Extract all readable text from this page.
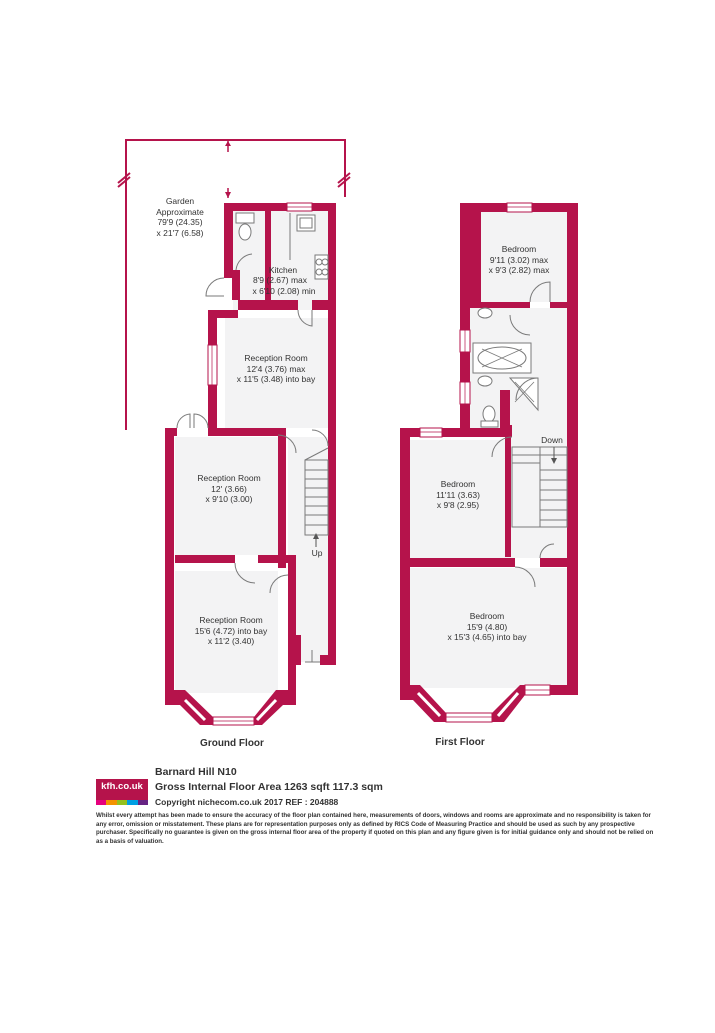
Garden
Approximate
79'9 (24.35)
x 21'7 (6.58)
Kitchen
8'9 (2.67) max
x 6'10 (2.08) min
Reception Room
12'4 (3.76) max
x 11'5 (3.48) into bay
Reception Room
12' (3.66)
x 9'10 (3.00)
Reception Room
15'6 (4.72) into bay
x 11'2 (3.40)
Up
Ground Floor
Bedroom
9'11 (3.02) max
x 9'3 (2.82) max
Bedroom
11'11 (3.63)
x 9'8 (2.95)
Bedroom
15'9 (4.80)
x 15'3 (4.65) into bay
Down
First Floor
kfh.co.uk
Barnard Hill N10
Gross Internal Floor Area 1263 sqft 117.3 sqm
Copyright nichecom.co.uk 2017 REF : 204888
Whilst every attempt has been made to ensure the accuracy of the floor plan contained here, measurements of doors, windows and rooms are approximate and no responsibility is taken for any error, omission or misstatement. These plans are for representation purposes only as defined by RICS Code of Measuring Practice and should be used as such by any prospective purchaser. Specifically no guarantee is given on the gross internal floor area of the property if quoted on this plan and any figure given is for initial guidance only and should not be relied on as a basis of valuation.
